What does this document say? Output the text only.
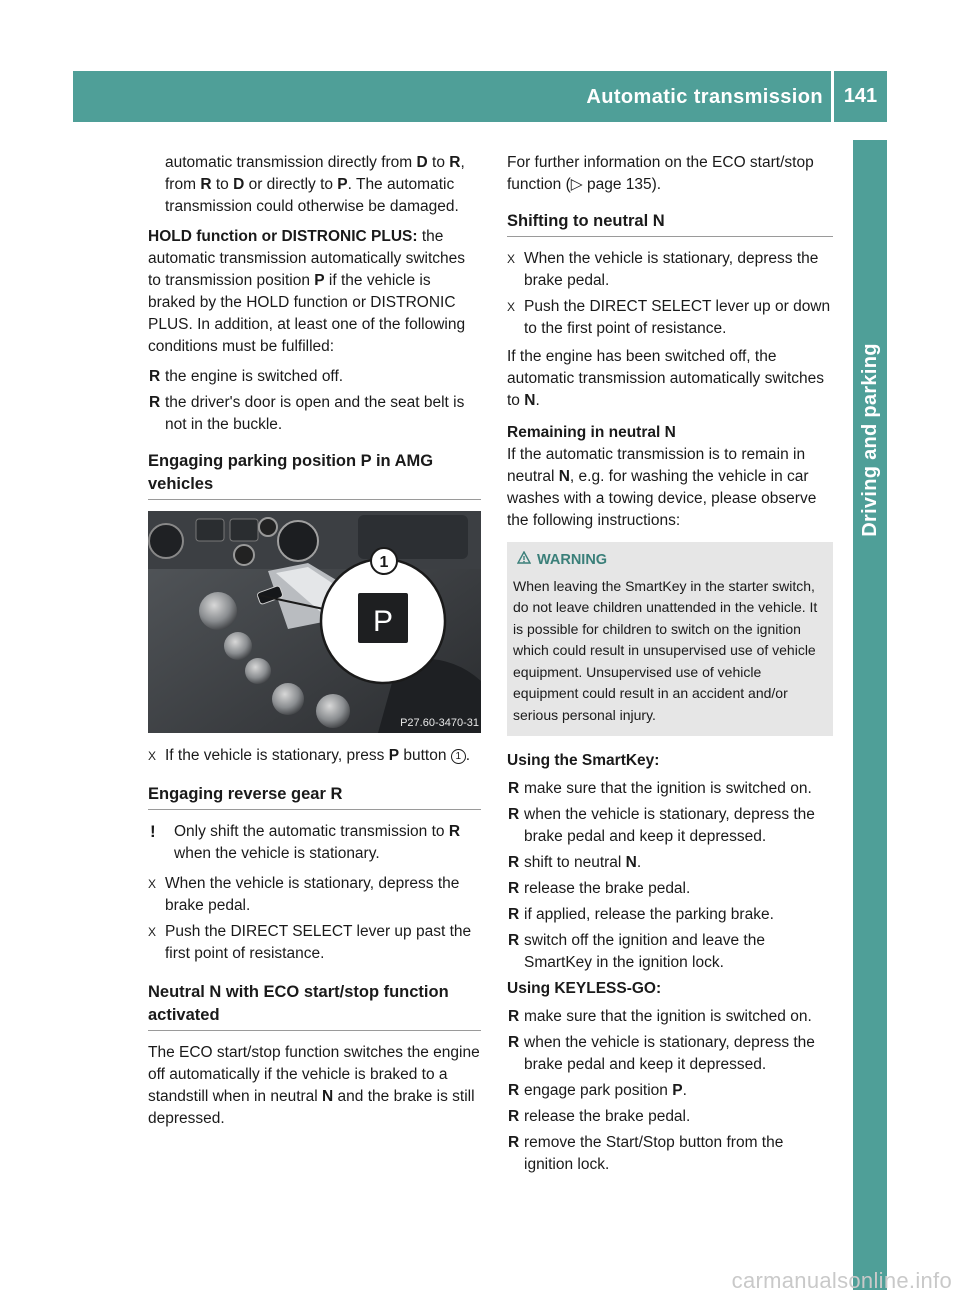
Automatic transmission	141
Driving and parking

automatic transmission directly from D to R, from R to D or directly to P. The automatic transmission could otherwise be damaged.

HOLD function or DISTRONIC PLUS: the automatic transmission automatically switches to transmission position P if the vehicle is braked by the HOLD function or DISTRONIC PLUS. In addition, at least one of the following conditions must be fulfilled:

R the engine is switched off.
R the driver's door is open and the seat belt is not in the buckle.
Engaging parking position P in AMG vehicles
1
P
P27.60-3470-31
X If the vehicle is stationary, press P button 1 .
Engaging reverse gear R
! Only shift the automatic transmission to R when the vehicle is stationary.
X When the vehicle is stationary, depress the brake pedal.
X Push the DIRECT SELECT lever up past the first point of resistance.
Neutral N with ECO start/stop function activated

The ECO start/stop function switches the engine off automatically if the vehicle is braked to a standstill when in neutral N and the brake is still depressed.

For further information on the ECO start/stop function (▷ page 135).

Shifting to neutral N
X When the vehicle is stationary, depress the brake pedal.
X Push the DIRECT SELECT lever up or down to the first point of resistance.

If the engine has been switched off, the automatic transmission automatically switches to N.

Remaining in neutral N

If the automatic transmission is to remain in neutral N, e.g. for washing the vehicle in car washes with a towing device, please observe the following instructions:

WARNING
When leaving the SmartKey in the starter switch, do not leave children unattended in the vehicle. It is possible for children to switch on the ignition which could result in unsupervised use of vehicle equipment. Unsupervised use of vehicle equipment could result in an accident and/or serious personal injury.
Using the SmartKey:
R make sure that the ignition is switched on.
R when the vehicle is stationary, depress the brake pedal and keep it depressed.
R shift to neutral N.
R release the brake pedal.
R if applied, release the parking brake.
R switch off the ignition and leave the SmartKey in the ignition lock.
Using KEYLESS-GO:
R make sure that the ignition is switched on.
R when the vehicle is stationary, depress the brake pedal and keep it depressed.
R engage park position P.
R release the brake pedal.
R remove the Start/Stop button from the ignition lock.
carmanualsonline.info
